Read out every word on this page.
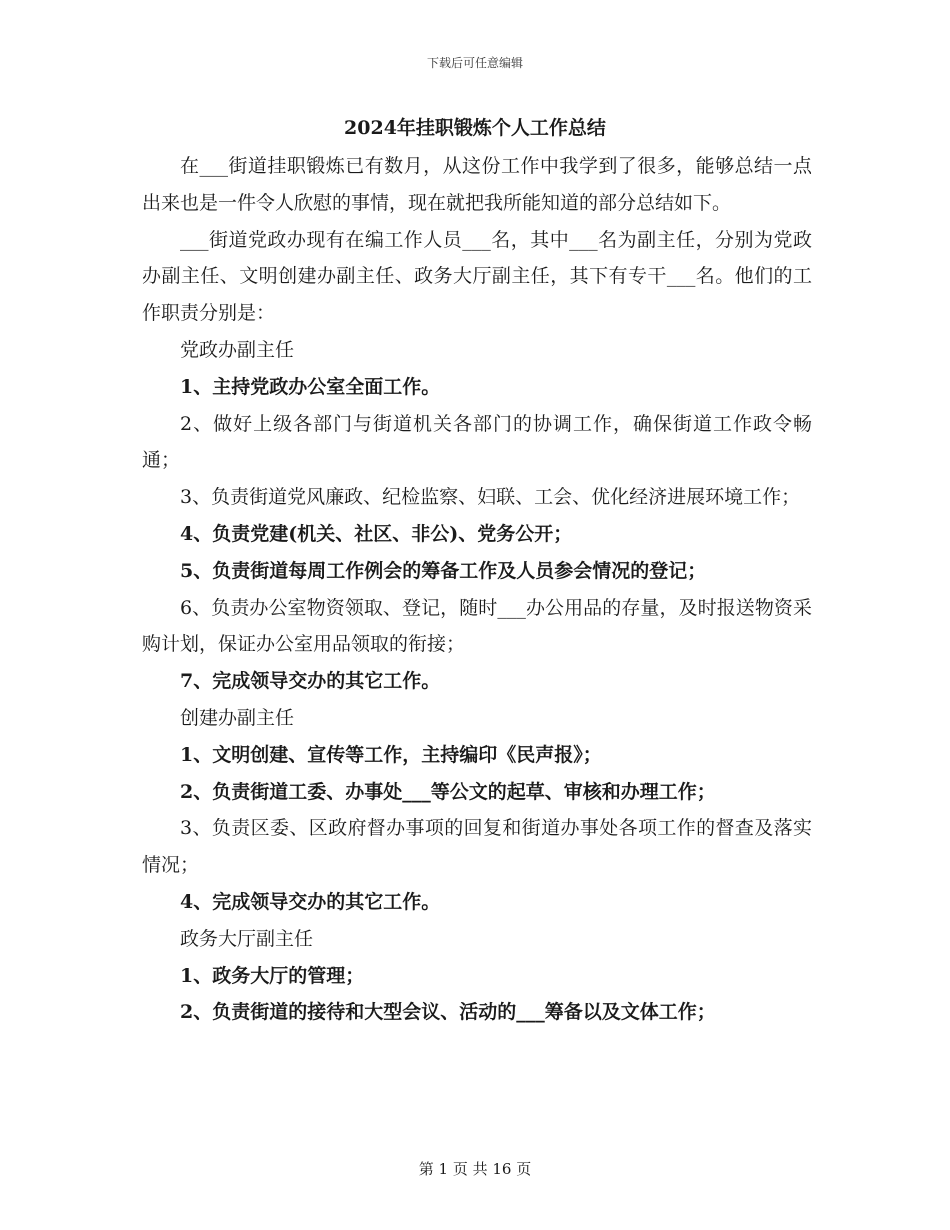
下载后可任意编辑
2024年挂职锻炼个人工作总结

在___街道挂职锻炼已有数月，从这份工作中我学到了很多，能够总结一点出来也是一件令人欣慰的事情，现在就把我所能知道的部分总结如下。

___街道党政办现有在编工作人员___名，其中___名为副主任，分别为党政办副主任、文明创建办副主任、政务大厅副主任，其下有专干___名。他们的工作职责分别是：

党政办副主任

1、主持党政办公室全面工作。

2、做好上级各部门与街道机关各部门的协调工作，确保街道工作政令畅通；

3、负责街道党风廉政、纪检监察、妇联、工会、优化经济进展环境工作；

4、负责党建(机关、社区、非公)、党务公开；

5、负责街道每周工作例会的筹备工作及人员参会情况的登记；

6、负责办公室物资领取、登记，随时___办公用品的存量，及时报送物资采购计划，保证办公室用品领取的衔接；

7、完成领导交办的其它工作。

创建办副主任

1、文明创建、宣传等工作，主持编印《民声报》；

2、负责街道工委、办事处___等公文的起草、审核和办理工作；

3、负责区委、区政府督办事项的回复和街道办事处各项工作的督查及落实情况；

4、完成领导交办的其它工作。

政务大厅副主任

1、政务大厅的管理；

2、负责街道的接待和大型会议、活动的___筹备以及文体工作；

第 1 页 共 16 页
